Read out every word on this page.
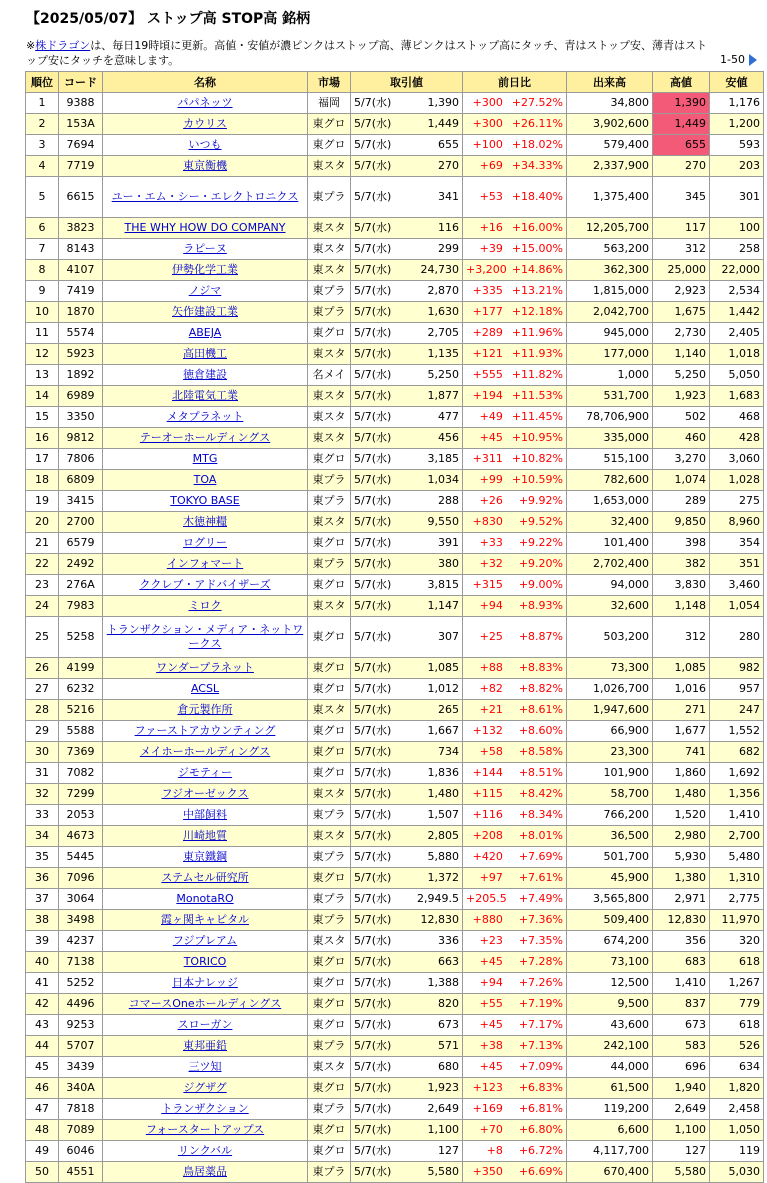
【2025/05/07】 ストップ高 STOP高 銘柄
※株ドラゴンは、毎日19時頃に更新。高値・安値が濃ピンクはストップ高、薄ピンクはストップ高にタッチ、青はストップ安、薄青はストップ安にタッチを意味します。	1-50
順位	コード	名称	市場	取引値	前日比	出来高	高値	安値
1	9388	パパネッツ	福岡	5/7(水) 1,390	+300 +27.52%	34,800	1,390	1,176
2	153A	カウリス	東グロ	5/7(水) 1,449	+300 +26.11%	3,902,600	1,449	1,200
3	7694	いつも	東グロ	5/7(水) 655	+100 +18.02%	579,400	655	593
4	7719	東京衡機	東スタ	5/7(水) 270	+69 +34.33%	2,337,900	270	203
5	6615	ユー・エム・シー・エレクトロニクス	東プラ	5/7(水) 341	+53 +18.40%	1,375,400	345	301
6	3823	THE WHY HOW DO COMPANY	東スタ	5/7(水) 116	+16 +16.00%	12,205,700	117	100
7	8143	ラピーヌ	東スタ	5/7(水) 299	+39 +15.00%	563,200	312	258
8	4107	伊勢化学工業	東スタ	5/7(水) 24,730	+3,200 +14.86%	362,300	25,000	22,000
9	7419	ノジマ	東プラ	5/7(水) 2,870	+335 +13.21%	1,815,000	2,923	2,534
10	1870	矢作建設工業	東プラ	5/7(水) 1,630	+177 +12.18%	2,042,700	1,675	1,442
11	5574	ABEJA	東グロ	5/7(水) 2,705	+289 +11.96%	945,000	2,730	2,405
12	5923	高田機工	東スタ	5/7(水) 1,135	+121 +11.93%	177,000	1,140	1,018
13	1892	徳倉建設	名メイ	5/7(水) 5,250	+555 +11.82%	1,000	5,250	5,050
14	6989	北陸電気工業	東スタ	5/7(水) 1,877	+194 +11.53%	531,700	1,923	1,683
15	3350	メタプラネット	東スタ	5/7(水) 477	+49 +11.45%	78,706,900	502	468
16	9812	テーオーホールディングス	東スタ	5/7(水) 456	+45 +10.95%	335,000	460	428
17	7806	MTG	東グロ	5/7(水) 3,185	+311 +10.82%	515,100	3,270	3,060
18	6809	TOA	東プラ	5/7(水) 1,034	+99 +10.59%	782,600	1,074	1,028
19	3415	TOKYO BASE	東プラ	5/7(水) 288	+26 +9.92%	1,653,000	289	275
20	2700	木徳神糧	東スタ	5/7(水) 9,550	+830 +9.52%	32,400	9,850	8,960
21	6579	ログリー	東グロ	5/7(水) 391	+33 +9.22%	101,400	398	354
22	2492	インフォマート	東プラ	5/7(水) 380	+32 +9.20%	2,702,400	382	351
23	276A	ククレブ・アドバイザーズ	東グロ	5/7(水) 3,815	+315 +9.00%	94,000	3,830	3,460
24	7983	ミロク	東スタ	5/7(水) 1,147	+94 +8.93%	32,600	1,148	1,054
25	5258	トランザクション・メディア・ネットワークス	東グロ	5/7(水) 307	+25 +8.87%	503,200	312	280
26	4199	ワンダープラネット	東グロ	5/7(水) 1,085	+88 +8.83%	73,300	1,085	982
27	6232	ACSL	東グロ	5/7(水) 1,012	+82 +8.82%	1,026,700	1,016	957
28	5216	倉元製作所	東スタ	5/7(水) 265	+21 +8.61%	1,947,600	271	247
29	5588	ファーストアカウンティング	東グロ	5/7(水) 1,667	+132 +8.60%	66,900	1,677	1,552
30	7369	メイホーホールディングス	東グロ	5/7(水) 734	+58 +8.58%	23,300	741	682
31	7082	ジモティー	東グロ	5/7(水) 1,836	+144 +8.51%	101,900	1,860	1,692
32	7299	フジオーゼックス	東スタ	5/7(水) 1,480	+115 +8.42%	58,700	1,480	1,356
33	2053	中部飼料	東プラ	5/7(水) 1,507	+116 +8.34%	766,200	1,520	1,410
34	4673	川崎地質	東スタ	5/7(水) 2,805	+208 +8.01%	36,500	2,980	2,700
35	5445	東京鐵鋼	東プラ	5/7(水) 5,880	+420 +7.69%	501,700	5,930	5,480
36	7096	ステムセル研究所	東グロ	5/7(水) 1,372	+97 +7.61%	45,900	1,380	1,310
37	3064	MonotaRO	東プラ	5/7(水) 2,949.5	+205.5 +7.49%	3,565,800	2,971	2,775
38	3498	霞ヶ関キャピタル	東プラ	5/7(水) 12,830	+880 +7.36%	509,400	12,830	11,970
39	4237	フジプレアム	東スタ	5/7(水) 336	+23 +7.35%	674,200	356	320
40	7138	TORICO	東グロ	5/7(水) 663	+45 +7.28%	73,100	683	618
41	5252	日本ナレッジ	東グロ	5/7(水) 1,388	+94 +7.26%	12,500	1,410	1,267
42	4496	コマースOneホールディングス	東グロ	5/7(水) 820	+55 +7.19%	9,500	837	779
43	9253	スローガン	東グロ	5/7(水) 673	+45 +7.17%	43,600	673	618
44	5707	東邦亜鉛	東プラ	5/7(水) 571	+38 +7.13%	242,100	583	526
45	3439	三ツ知	東スタ	5/7(水) 680	+45 +7.09%	44,000	696	634
46	340A	ジグザグ	東グロ	5/7(水) 1,923	+123 +6.83%	61,500	1,940	1,820
47	7818	トランザクション	東プラ	5/7(水) 2,649	+169 +6.81%	119,200	2,649	2,458
48	7089	フォースタートアップス	東グロ	5/7(水) 1,100	+70 +6.80%	6,600	1,100	1,050
49	6046	リンクバル	東グロ	5/7(水) 127	+8 +6.72%	4,117,700	127	119
50	4551	鳥居薬品	東プラ	5/7(水) 5,580	+350 +6.69%	670,400	5,580	5,030
